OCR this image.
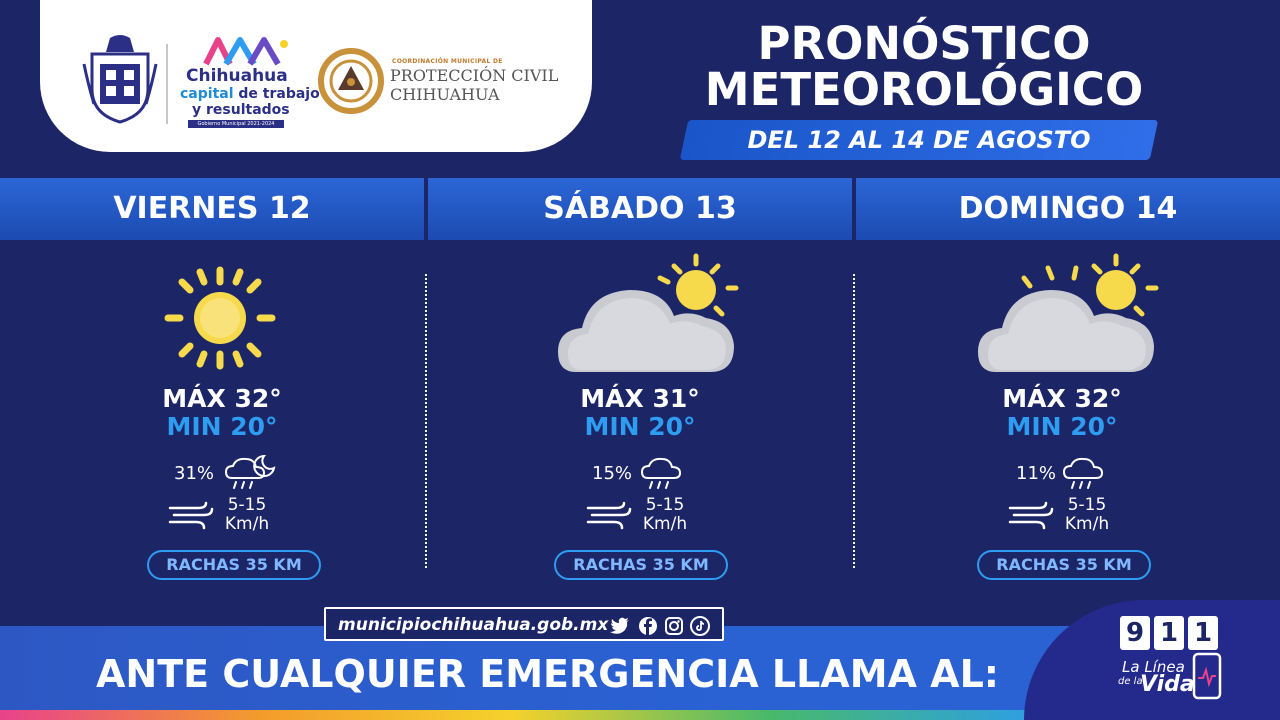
Chihuahua
capital de trabajo
y resultados
Gobierno Municipal 2021-2024
COORDINACIÓN MUNICIPAL DE
PROTECCIÓN CIVIL
CHIHUAHUA
PRONÓSTICO
METEOROLÓGICO
DEL 12 AL 14 DE AGOSTO
VIERNES 12	SÁBADO 13	DOMINGO 14
MÁX 32°
MIN 20°
31%
5-15
Km/h
RACHAS 35 KM
MÁX 31°
MIN 20°
15%
5-15
Km/h
RACHAS 35 KM
MÁX 32°
MIN 20°
11%
5-15
Km/h
RACHAS 35 KM
municipiochihuahua.gob.mx
ANTE CUALQUIER EMERGENCIA LLAMA AL:
9 1 1
La Línea
de la
Vida
